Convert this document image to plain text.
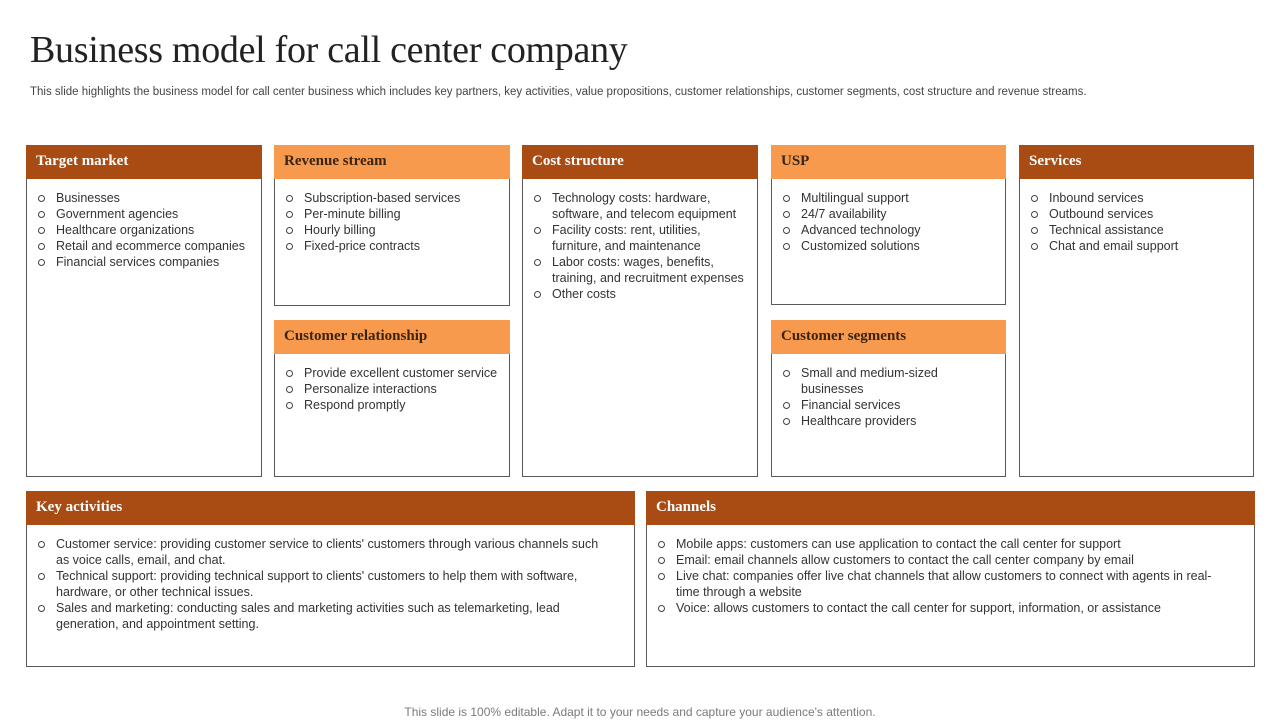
Business model for call center company
This slide highlights the business model for call center business which includes key partners, key activities, value propositions, customer relationships, customer segments, cost structure and revenue streams.
Businesses
Government agencies
Healthcare organizations
Retail and ecommerce companies
Financial services companies
Target market
Subscription-based services
Per-minute billing
Hourly billing
Fixed-price contracts
Revenue stream
Provide excellent customer service
Personalize interactions
Respond promptly
Customer relationship
Technology costs: hardware, software, and telecom equipment
Facility costs: rent, utilities, furniture, and maintenance
Labor costs: wages, benefits, training, and recruitment expenses
Other costs
Cost structure
Multilingual support
24/7 availability
Advanced technology
Customized solutions
USP
Small and medium-sized businesses
Financial services
Healthcare providers
Customer segments
Inbound services
Outbound services
Technical assistance
Chat and email support
Services
Customer service: providing customer service to clients' customers through various channels such as voice calls, email, and chat.
Technical support: providing technical support to clients' customers to help them with software, hardware, or other technical issues.
Sales and marketing: conducting sales and marketing activities such as telemarketing, lead generation, and appointment setting.
Key activities
Mobile apps: customers can use application to contact the call center for support
Email: email channels allow customers to contact the call center company by email
Live chat: companies offer live chat channels that allow customers to connect with agents in real-time through a website
Voice: allows customers to contact the call center for support, information, or assistance
Channels
This slide is 100% editable. Adapt it to your needs and capture your audience's attention.
